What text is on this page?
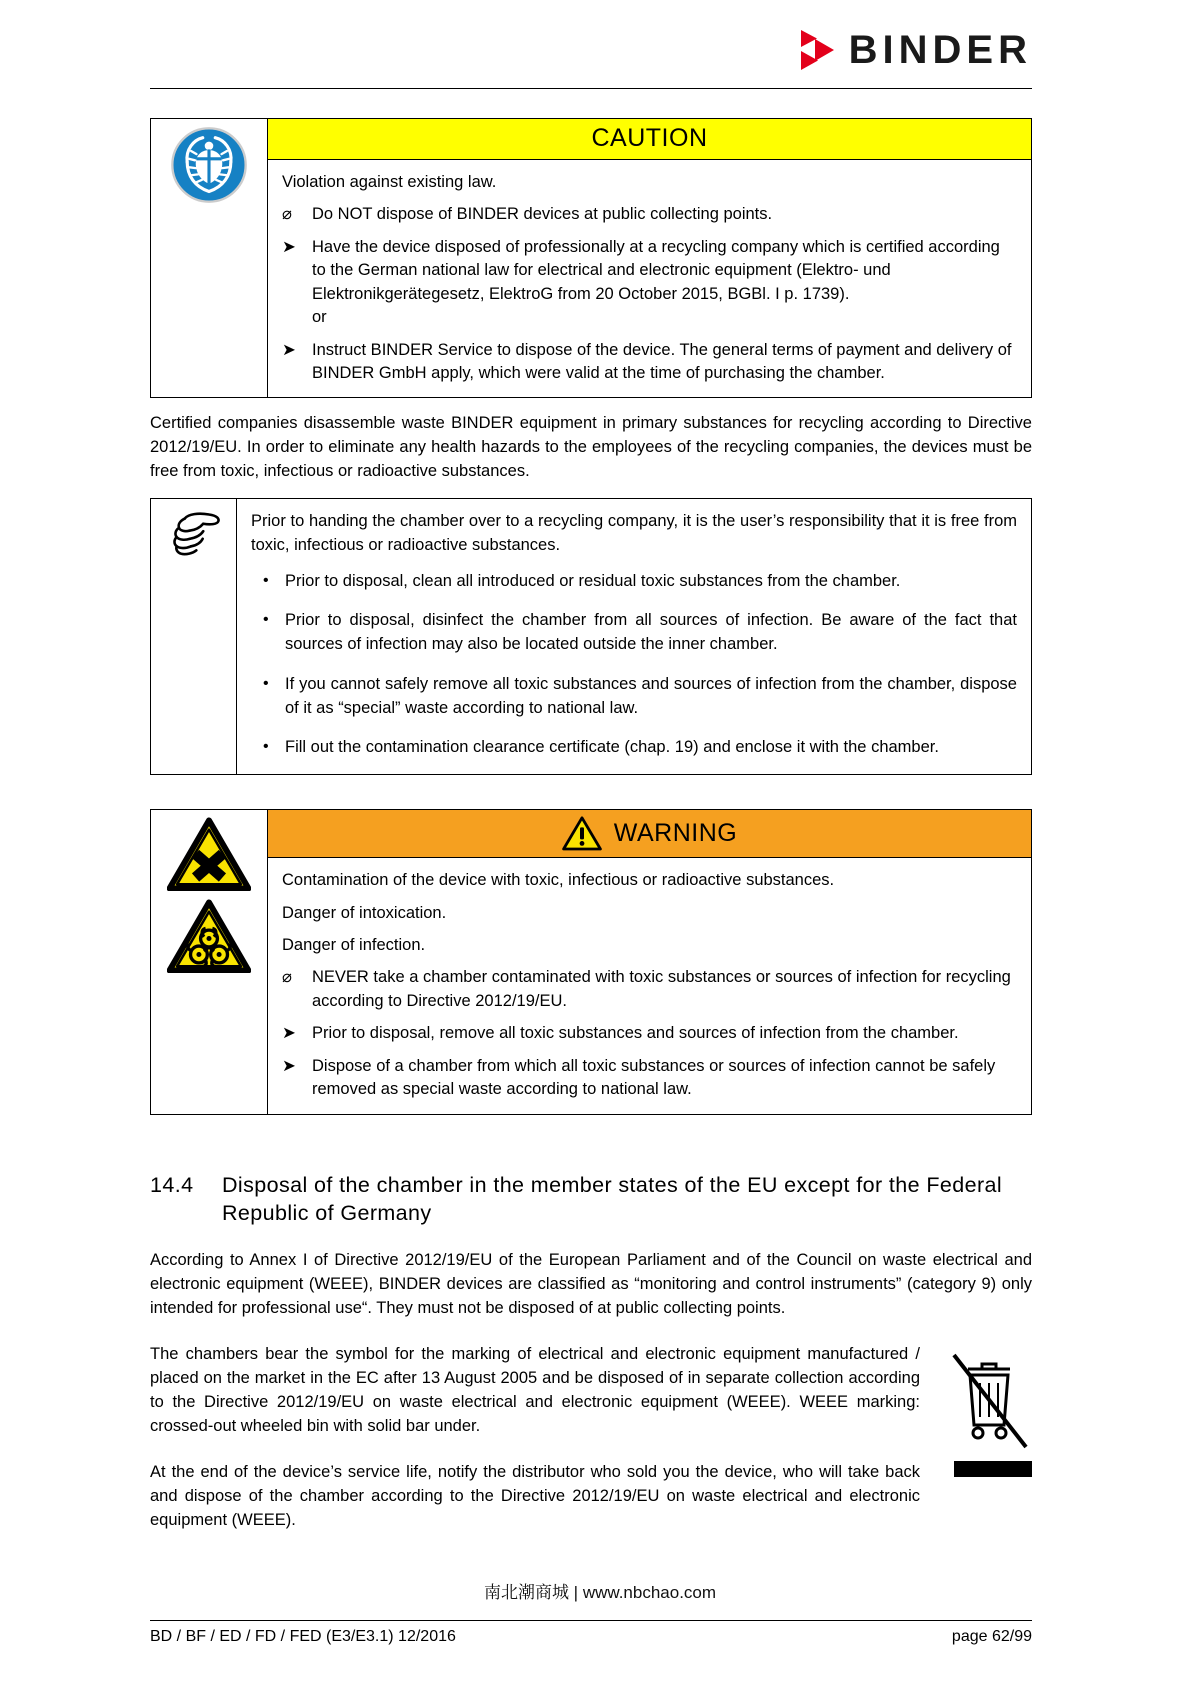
BINDER
CAUTION

Violation against existing law.

⌀ Do NOT dispose of BINDER devices at public collecting points.
➤ Have the device disposed of professionally at a recycling company which is certified according to the German national law for electrical and electronic equipment (Elektro- und Elektronikgerätegesetz, ElektroG from 20 October 2015, BGBl. I p. 1739).
or
➤ Instruct BINDER Service to dispose of the device. The general terms of payment and delivery of BINDER GmbH apply, which were valid at the time of purchasing the chamber.

Certified companies disassemble waste BINDER equipment in primary substances for recycling according to Directive 2012/19/EU. In order to eliminate any health hazards to the employees of the recycling companies, the devices must be free from toxic, infectious or radioactive substances.

Prior to handing the chamber over to a recycling company, it is the user’s responsibility that it is free from toxic, infectious or radioactive substances.

• Prior to disposal, clean all introduced or residual toxic substances from the chamber.
• Prior to disposal, disinfect the chamber from all sources of infection. Be aware of the fact that sources of infection may also be located outside the inner chamber.
• If you cannot safely remove all toxic substances and sources of infection from the chamber, dispose of it as “special” waste according to national law.
• Fill out the contamination clearance certificate (chap. 19) and enclose it with the chamber.
WARNING

Contamination of the device with toxic, infectious or radioactive substances.

Danger of intoxication.

Danger of infection.

⌀ NEVER take a chamber contaminated with toxic substances or sources of infection for recycling according to Directive 2012/19/EU.
➤ Prior to disposal, remove all toxic substances and sources of infection from the chamber.
➤ Dispose of a chamber from which all toxic substances or sources of infection cannot be safely removed as special waste according to national law.
14.4	Disposal of the chamber in the member states of the EU except for the Federal Republic of Germany

According to Annex I of Directive 2012/19/EU of the European Parliament and of the Council on waste electrical and electronic equipment (WEEE), BINDER devices are classified as “monitoring and control instruments” (category 9) only intended for professional use“. They must not be disposed of at public collecting points.

The chambers bear the symbol for the marking of electrical and electronic equipment manufactured / placed on the market in the EC after 13 August 2005 and be disposed of in separate collection according to the Directive 2012/19/EU on waste electrical and electronic equipment (WEEE). WEEE marking: crossed-out wheeled bin with solid bar under.

At the end of the device’s service life, notify the distributor who sold you the device, who will take back and dispose of the chamber according to the Directive 2012/19/EU on waste electrical and electronic equipment (WEEE).

南北潮商城 | www.nbchao.com
BD / BF / ED / FD / FED (E3/E3.1) 12/2016	page 62/99
